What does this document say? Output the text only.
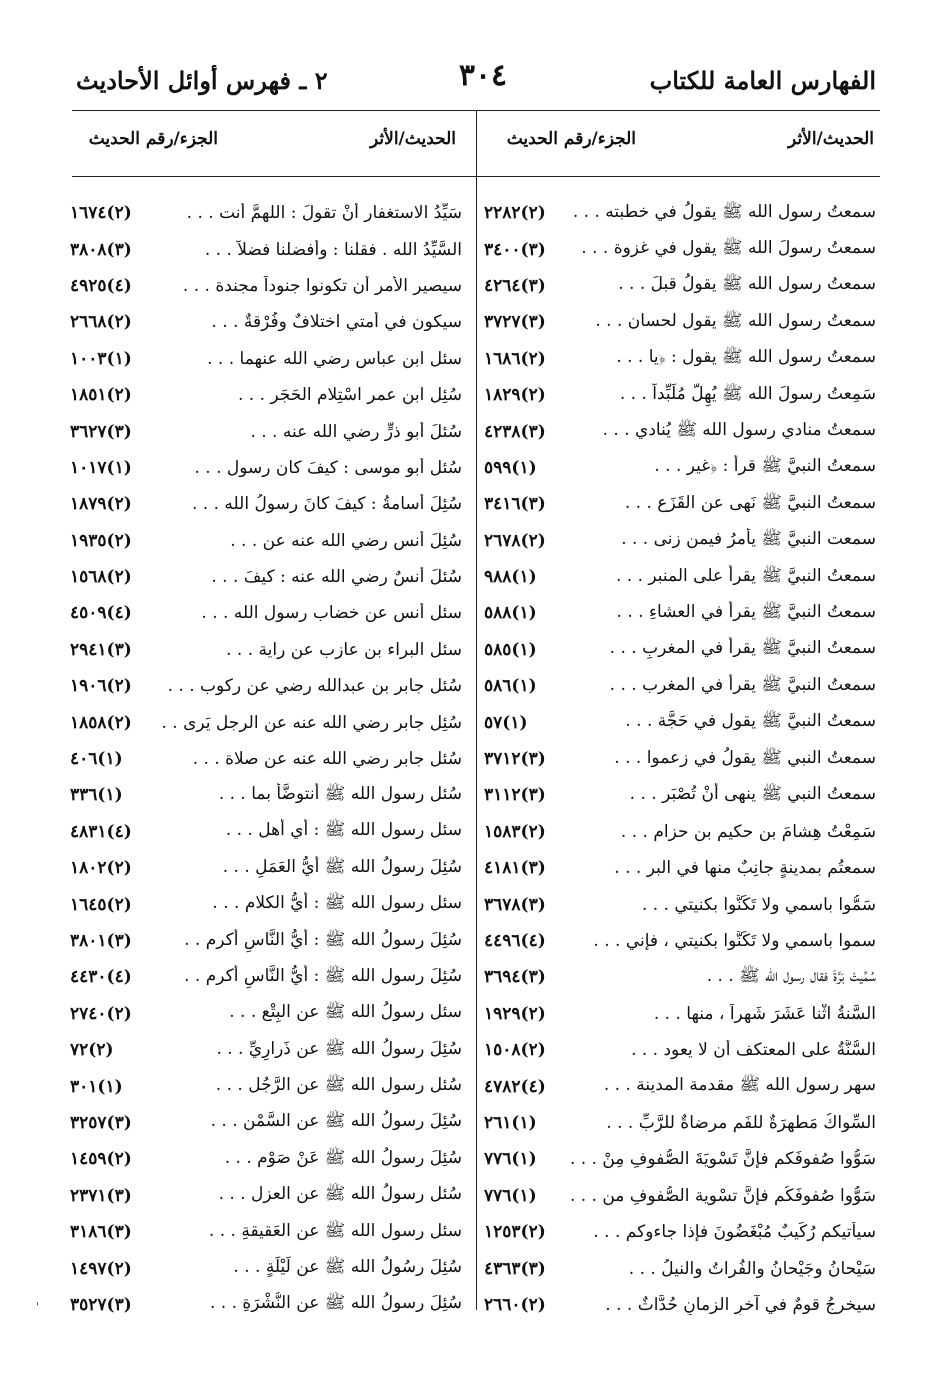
الفهارس العامة للكتاب
٣٠٤
٢ ـ فهرس أوائل الأحاديث
الحديث/الأثر
الجزء/رقم الحديث
الحديث/الأثر
الجزء/رقم الحديث
سمعتُ رسول الله ﷺ يقولُ في خطبته . . .
(٢)٢٢٨٢
سمعتُ رسولَ الله ﷺ يقول في غزوة . . .
(٣)٣٤٠٠
سمعتُ رسول الله ﷺ يقولُ قبلَ . . .
(٣)٤٢٦٤
سمعتُ رسول الله ﷺ يقول لحسان . . .
(٣)٣٧٢٧
سمعتُ رسول الله ﷺ يقول : ﴿يا . . .
(٢)١٦٨٦
سَمِعتُ رسولَ الله ﷺ يُهِلُّ مُلَبِّداً . . .
(٢)١٨٢٩
سمعتُ منادي رسول الله ﷺ يُنادي . . .
(٣)٤٢٣٨
سمعتُ النبيَّ ﷺ قرأ : ﴿غير . . .
(١)٥٩٩
سمعتُ النبيَّ ﷺ نَهى عن القَزَع . . .
(٣)٣٤١٦
سمعت النبيَّ ﷺ يأمرُ فيمن زنى . . .
(٢)٢٦٧٨
سمعتُ النبيَّ ﷺ يقرأ على المنبر . . .
(١)٩٨٨
سمعتُ النبيَّ ﷺ يقرأُ في العشاءِ . . .
(١)٥٨٨
سمعتُ النبيَّ ﷺ يقرأُ في المغربِ . . .
(١)٥٨٥
سمعتُ النبيَّ ﷺ يقرأُ في المغرب . . .
(١)٥٨٦
سمعتُ النبيَّ ﷺ يقول في حَجَّة . . .
(١)٥٧
سمعتُ النبي ﷺ يقولُ في زعموا . . .
(٣)٣٧١٢
سمعتُ النبي ﷺ ينهى أنْ تُصْبَر . . .
(٣)٣١١٢
سَمِعْتُ هِشامَ بن حكيم بن حزام . . .
(٢)١٥٨٣
سمعتُم بمدينةٍ جانِبٌ منها في البر . . .
(٣)٤١٨١
سَمُّوا باسمي ولا تَكَنَّوا بكنيتي . . .
(٣)٣٦٧٨
سموا باسمي ولا تَكَنَّوا بكنيتي ، فإني . . .
(٤)٤٤٩٦
سُمِّيتْ بَرَّةَ فقال رسول الله ﷺ . . .
(٣)٣٦٩٤
السَّنةُ اثْنا عَشَرَ شَهراً ، منها . . .
(٢)١٩٢٩
السُّنَّةُ على المعتكف أن لا يعود . . .
(٢)١٥٠٨
سهر رسول الله ﷺ مقدمة المدينة . . .
(٤)٤٧٨٢
السِّواكُ مَطهرَةٌ للفَم مرضاةٌ للرَّبِّ . . .
(١)٢٦١
سَوُّوا صُفوفَكم فإنَّ تَسْويَةَ الصُّفوفِ مِنْ . . .
(١)٧٧٦
سَوُّوا صُفوفَكُم فإنَّ تسْوية الصُّفوفِ من . . .
(١)٧٧٦
سيأتيكم رُكَيبٌ مُبْغَضُونَ فإذا جاءوكم . . .
(٢)١٢٥٣
سَيْحانُ وجَيْحانُ والفُراتُ والنيلُ . . .
(٣)٤٣٦٣
سيخرجُ قومٌ في آخرِ الزمانِ حُدَّاثٌ . . .
(٢)٢٦٦٠
سَيِّدُ الاستغفار أنْ تقولَ : اللهمَّ أنت . . .
(٢)١٦٧٤
السَّيِّدُ الله . فقلنا : وأفضلنا فضلاً . . .
(٣)٣٨٠٨
سيصير الأمر أن تكونوا جنوداً مجندة . . .
(٤)٤٩٢٥
سيكون في أُمتي اختلافٌ وفُرْقةٌ . . .
(٢)٢٦٦٨
سئل ابن عباس رضي الله عنهما . . .
(١)١٠٠٣
سُئِل ابن عمر اسْتِلام الحَجَر . . .
(٢)١٨٥١
سُئلَ أبو ذرٍّ رضي الله عنه . . .
(٣)٣٦٢٧
سُئل أبو موسى : كيفَ كان رسول . . .
(١)١٠١٧
سُئِلَ أسامةُ : كيفَ كانَ رسولُ الله . . .
(٢)١٨٧٩
سُئِلَ أنس رضي الله عنه عن . . .
(٢)١٩٣٥
سُئلَ أنسٌ رضي الله عنه : كيفَ . . .
(٢)١٥٦٨
سئل أنس عن خضاب رسول الله . . .
(٤)٤٥٠٩
سئل البراء بن عازب عن راية . . .
(٣)٢٩٤١
سُئل جابر بن عبدالله رضي عن ركوب . . .
(٢)١٩٠٦
سُئِل جابر رضي الله عنه عن الرجل يَرى . .
(٢)١٨٥٨
سُئل جابر رضي الله عنه عن صلاة . . .
(١)٤٠٦
سُئل رسول الله ﷺ أنتوضَّأُ بما . . .
(١)٣٣٦
سئل رسول الله ﷺ : أي أهل . . .
(٤)٤٨٣١
سُئِلَ رسولُ الله ﷺ أيُّ العَمَلِ . . .
(٢)١٨٠٢
سئل رسول الله ﷺ : أيُّ الكلام . . .
(٢)١٦٤٥
سُئِلَ رسولُ الله ﷺ : أيُّ النَّاسِ أكرم . .
(٣)٣٨٠١
سُئِلَ رسول الله ﷺ : أيُّ النَّاسِ أكرم . .
(٤)٤٤٣٠
سئل رسولُ الله ﷺ عن البِتْع . . .
(٢)٢٧٤٠
سُئِلَ رسولُ الله ﷺ عن ذَرارِيِّ . . .
(٢)٧٢
سُئل رسول الله ﷺ عن الرَّجُل . . .
(١)٣٠١
سُئِلَ رسولُ الله ﷺ عن السَّمْن . . .
(٣)٣٢٥٧
سُئِلَ رسولُ الله ﷺ عَنْ صَوْم . . .
(٢)١٤٥٩
سُئل رسولُ الله ﷺ عن العزل . . .
(٣)٢٣٧١
سئل رسول الله ﷺ عن العَقيقةِ . . .
(٣)٣١٨٦
سُئِلَ رسُولُ الله ﷺ عن لَيْلَةٍ . . .
(٢)١٤٩٧
سُئِلَ رسولُ الله ﷺ عن النُّشْرَةِ . . .
(٣)٣٥٢٧
'
